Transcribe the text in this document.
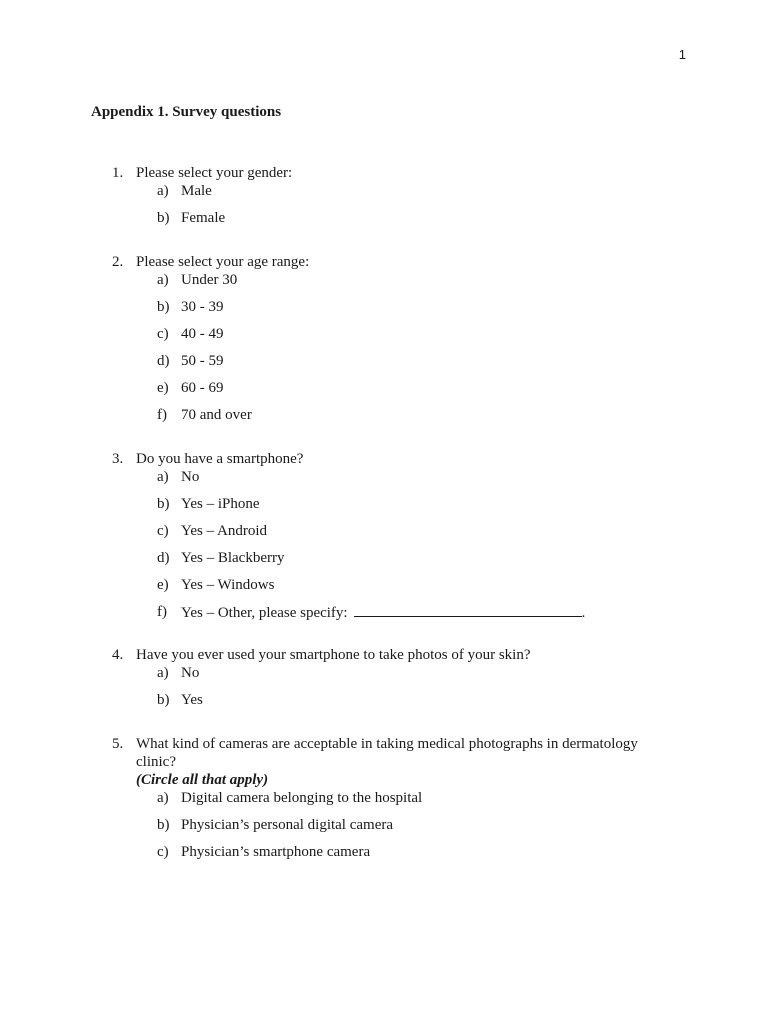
1
Appendix 1. Survey questions
1. Please select your gender:
a) Male
b) Female
2. Please select your age range:
a) Under 30
b) 30 - 39
c) 40 - 49
d) 50 - 59
e) 60 - 69
f) 70 and over
3. Do you have a smartphone?
a) No
b) Yes – iPhone
c) Yes – Android
d) Yes – Blackberry
e) Yes – Windows
f) Yes – Other, please specify:	.
4. Have you ever used your smartphone to take photos of your skin?
a) No
b) Yes
5. What kind of cameras are acceptable in taking medical photographs in dermatology
clinic?
(Circle all that apply)
a) Digital camera belonging to the hospital
b) Physician’s personal digital camera
c) Physician’s smartphone camera
